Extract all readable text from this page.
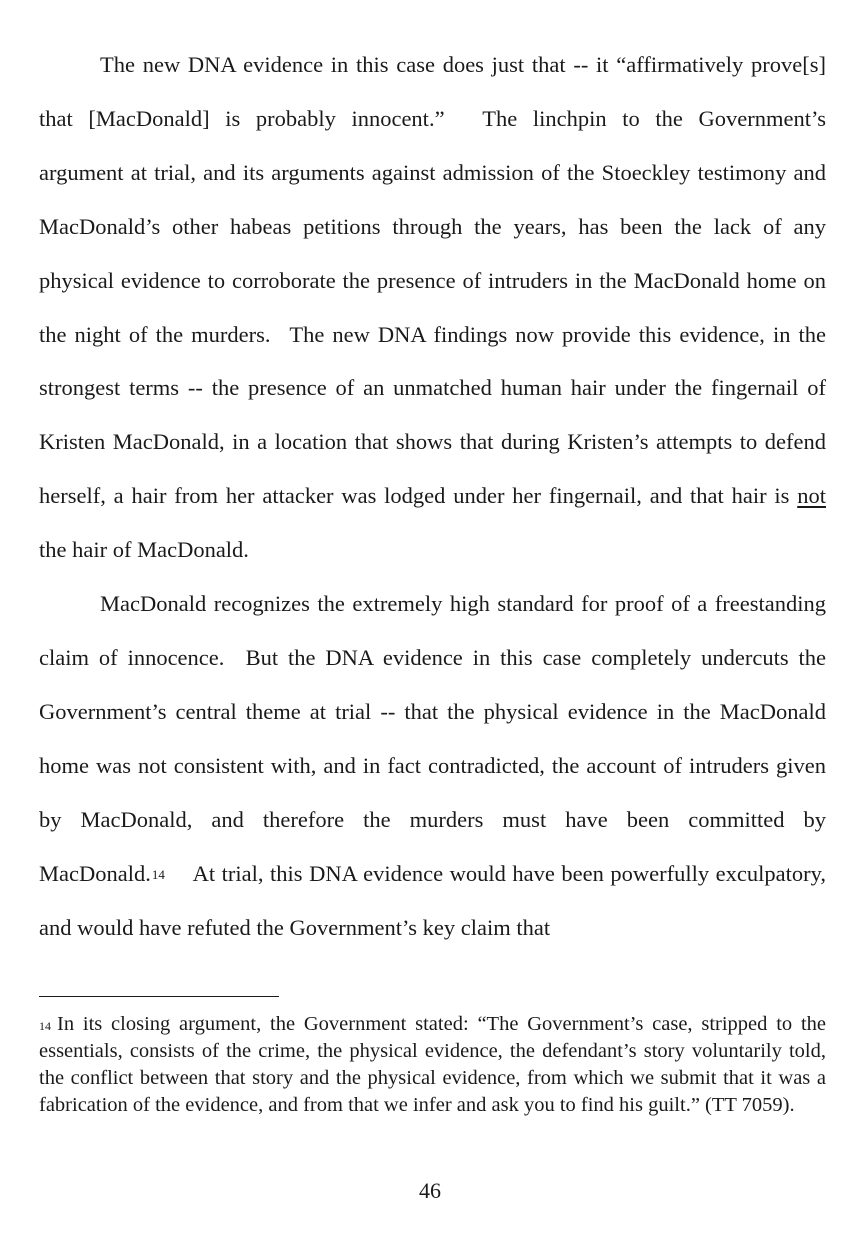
The new DNA evidence in this case does just that -- it “affirmatively prove[s] that [MacDonald] is probably innocent.”  The linchpin to the Government’s argument at trial, and its arguments against admission of the Stoeckley testimony and MacDonald’s other habeas petitions through the years, has been the lack of any physical evidence to corroborate the presence of intruders in the MacDonald home on the night of the murders.  The new DNA findings now provide this evidence, in the strongest terms -- the presence of an unmatched human hair under the fingernail of Kristen MacDonald, in a location that shows that during Kristen’s attempts to defend herself, a hair from her attacker was lodged under her fingernail, and that hair is not the hair of MacDonald.

MacDonald recognizes the extremely high standard for proof of a freestanding claim of innocence.  But the DNA evidence in this case completely undercuts the Government’s central theme at trial -- that the physical evidence in the MacDonald home was not consistent with, and in fact contradicted, the account of intruders given by MacDonald, and therefore the murders must have been committed by MacDonald.$^{14}$  At trial, this DNA evidence would have been powerfully exculpatory, and would have refuted the Government’s key claim that

$^{14}$ In its closing argument, the Government stated: “The Government’s case, stripped to the essentials, consists of the crime, the physical evidence, the defendant’s story voluntarily told, the conflict between that story and the physical evidence, from which we submit that it was a fabrication of the evidence, and from that we infer and ask you to find his guilt.” (TT 7059).

46
